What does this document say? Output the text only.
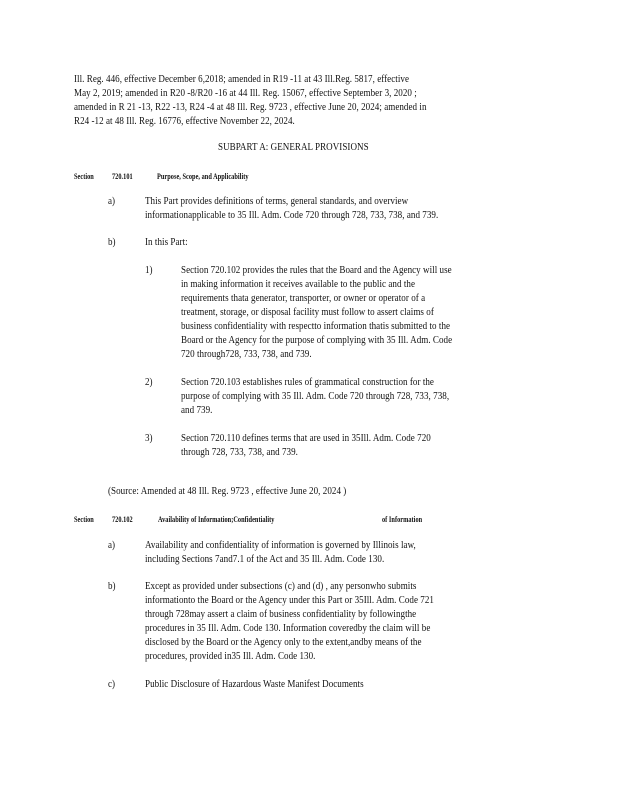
Ill. Reg. 446, effective December 6,2018; amended in R19 -11 at 43 Ill.Reg. 5817, effective
May 2, 2019; amended in R20 -8/R20 -16 at 44 Ill. Reg. 15067, effective September 3, 2020 ;
amended in R 21 -13, R22 -13, R24 -4 at 48 Ill. Reg. 9723 , effective June 20, 2024; amended in
R24 -12 at 48 Ill. Reg. 16776, effective November 22, 2024.
SUBPART A: GENERAL PROVISIONS
Section 720.101	Purpose, Scope, and Applicability
a)	This Part provides definitions of terms, general standards, and overview
informationapplicable to 35 Ill. Adm. Code 720 through 728, 733, 738, and 739.
b)	In this Part:
1)	Section 720.102 provides the rules that the Board and the Agency will use
in making information it receives available to the public and the
requirements thata generator, transporter, or owner or operator of a
treatment, storage, or disposal facility must follow to assert claims of
business confidentiality with respectto information thatis submitted to the
Board or the Agency for the purpose of complying with 35 Ill. Adm. Code
720 through728, 733, 738, and 739.
2)	Section 720.103 establishes rules of grammatical construction for the
purpose of complying with 35 Ill. Adm. Code 720 through 728, 733, 738,
and 739.
3)	Section 720.110 defines terms that are used in 35Ill. Adm. Code 720
through 728, 733, 738, and 739.
(Source: Amended at 48 Ill. Reg. 9723 , effective June 20, 2024 )
Section 720.102	Availability of Information;Confidentiality	of Information
a)	Availability and confidentiality of information is governed by Illinois law,
including Sections 7and7.1 of the Act and 35 Ill. Adm. Code 130.
b)	Except as provided under subsections (c) and (d) , any personwho submits
informationto the Board or the Agency under this Part or 35Ill. Adm. Code 721
through 728may assert a claim of business confidentiality by followingthe
procedures in 35 Ill. Adm. Code 130. Information coveredby the claim will be
disclosed by the Board or the Agency only to the extent,andby means of the
procedures, provided in35 Ill. Adm. Code 130.
c)	Public Disclosure of Hazardous Waste Manifest Documents
